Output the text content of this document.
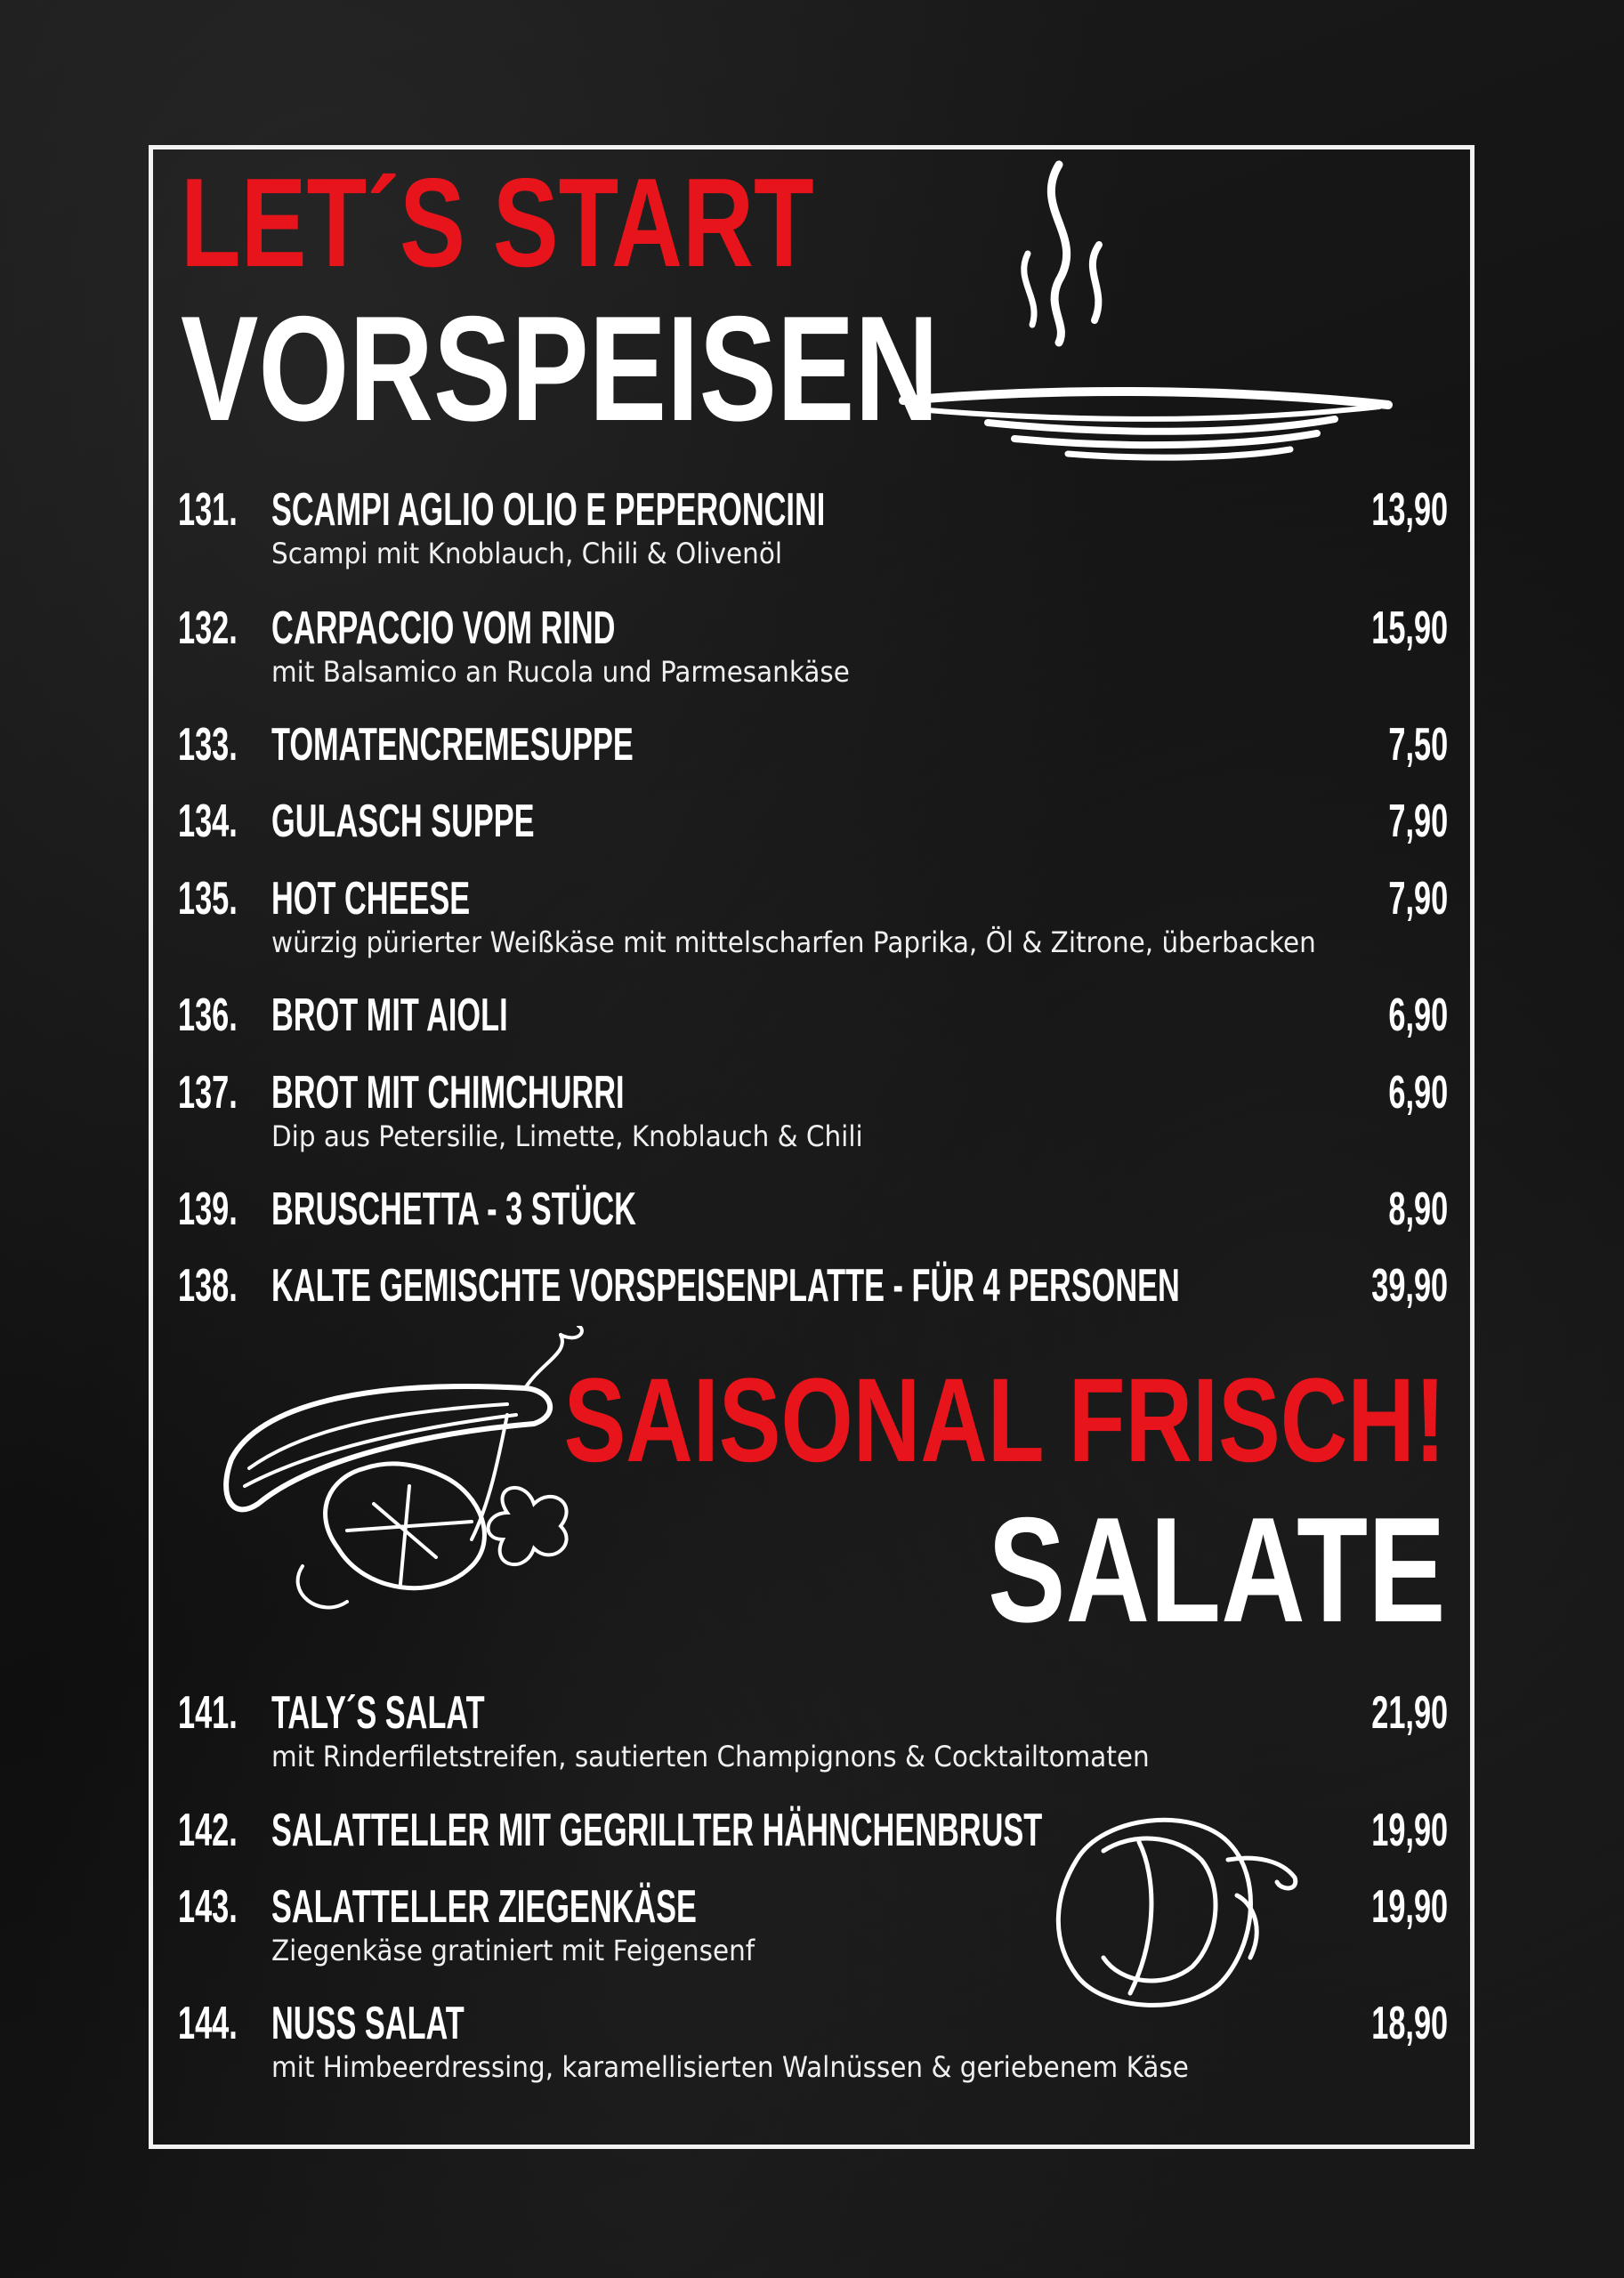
LET´S START
VORSPEISEN
SAISONAL FRISCH!
SALATE
131. SCAMPI AGLIO OLIO E PEPERONCINI	13,90
Scampi mit Knoblauch, Chili & Olivenöl
132. CARPACCIO VOM RIND	15,90
mit Balsamico an Rucola und Parmesankäse
133. TOMATENCREMESUPPE	7,50
134. GULASCH SUPPE	7,90
135. HOT CHEESE	7,90
würzig pürierter Weißkäse mit mittelscharfen Paprika, Öl & Zitrone, überbacken
136. BROT MIT AIOLI	6,90
137. BROT MIT CHIMCHURRI	6,90
Dip aus Petersilie, Limette, Knoblauch & Chili
139. BRUSCHETTA - 3 STÜCK	8,90
138. KALTE GEMISCHTE VORSPEISENPLATTE - FÜR 4 PERSONEN	39,90
141. TALY´S SALAT	21,90
mit Rinderfiletstreifen, sautierten Champignons & Cocktailtomaten
142. SALATTELLER MIT GEGRILLTER HÄHNCHENBRUST	19,90
143. SALATTELLER ZIEGENKÄSE	19,90
Ziegenkäse gratiniert mit Feigensenf
144. NUSS SALAT	18,90
mit Himbeerdressing, karamellisierten Walnüssen & geriebenem Käse
